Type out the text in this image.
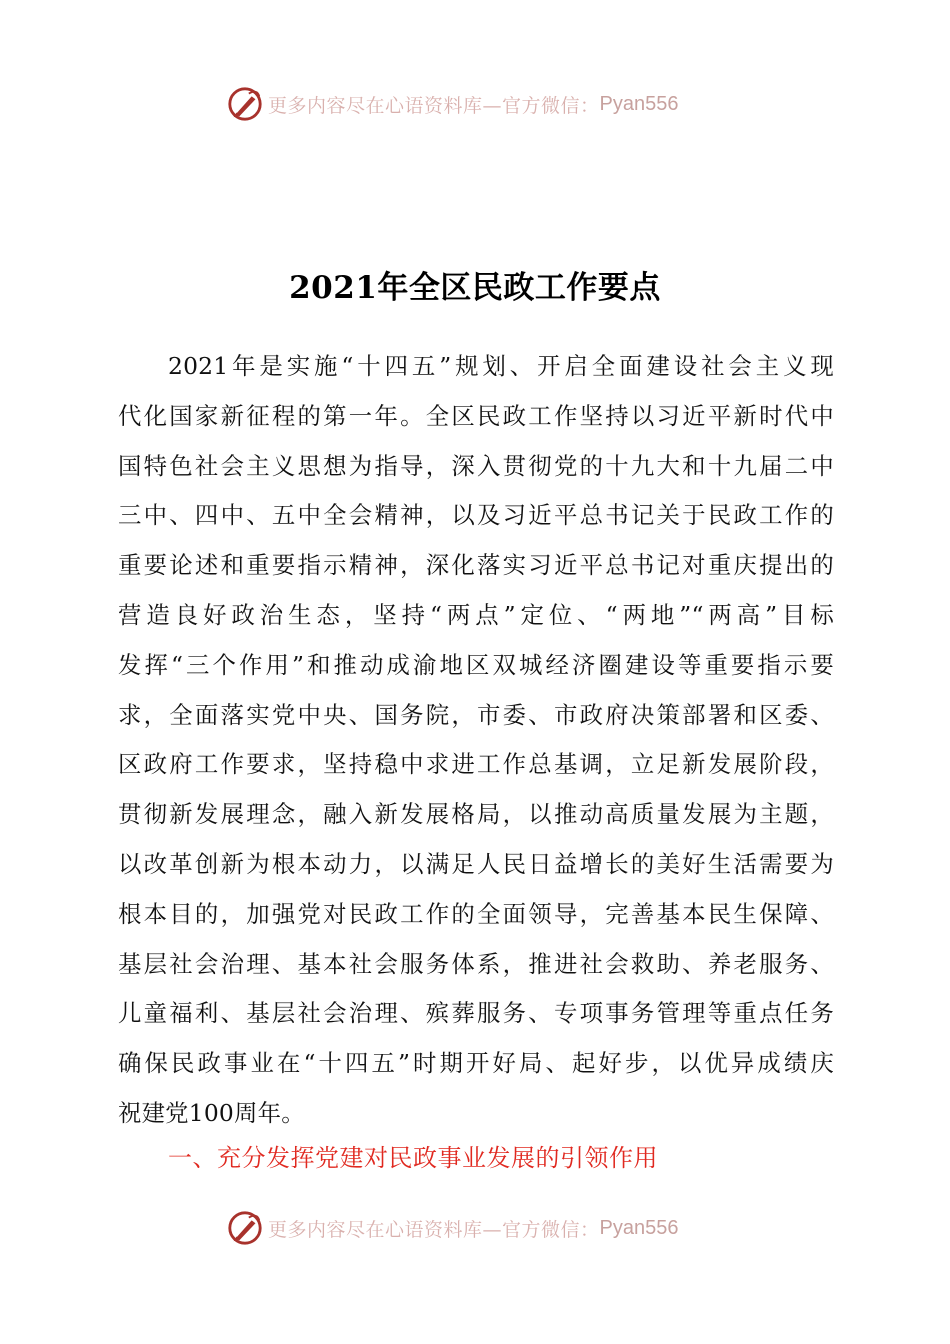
更多内容尽在心语资料库—官方微信： Pyan556
2021年全区民政工作要点
2021年是实施“十四五”规划、开启全面建设社会主义现
代化国家新征程的第一年。全区民政工作坚持以习近平新时代中
国特色社会主义思想为指导，深入贯彻党的十九大和十九届二中
三中、四中、五中全会精神，以及习近平总书记关于民政工作的
重要论述和重要指示精神，深化落实习近平总书记对重庆提出的
营造良好政治生态，坚持“两点”定位、“两地”“两高”目标
发挥“三个作用”和推动成渝地区双城经济圈建设等重要指示要
求，全面落实党中央、国务院，市委、市政府决策部署和区委、
区政府工作要求，坚持稳中求进工作总基调，立足新发展阶段，
贯彻新发展理念，融入新发展格局，以推动高质量发展为主题，
以改革创新为根本动力，以满足人民日益增长的美好生活需要为
根本目的，加强党对民政工作的全面领导，完善基本民生保障、
基层社会治理、基本社会服务体系，推进社会救助、养老服务、
儿童福利、基层社会治理、殡葬服务、专项事务管理等重点任务
确保民政事业在“十四五”时期开好局、起好步，以优异成绩庆
祝建党100周年。
一、充分发挥党建对民政事业发展的引领作用
更多内容尽在心语资料库—官方微信： Pyan556
